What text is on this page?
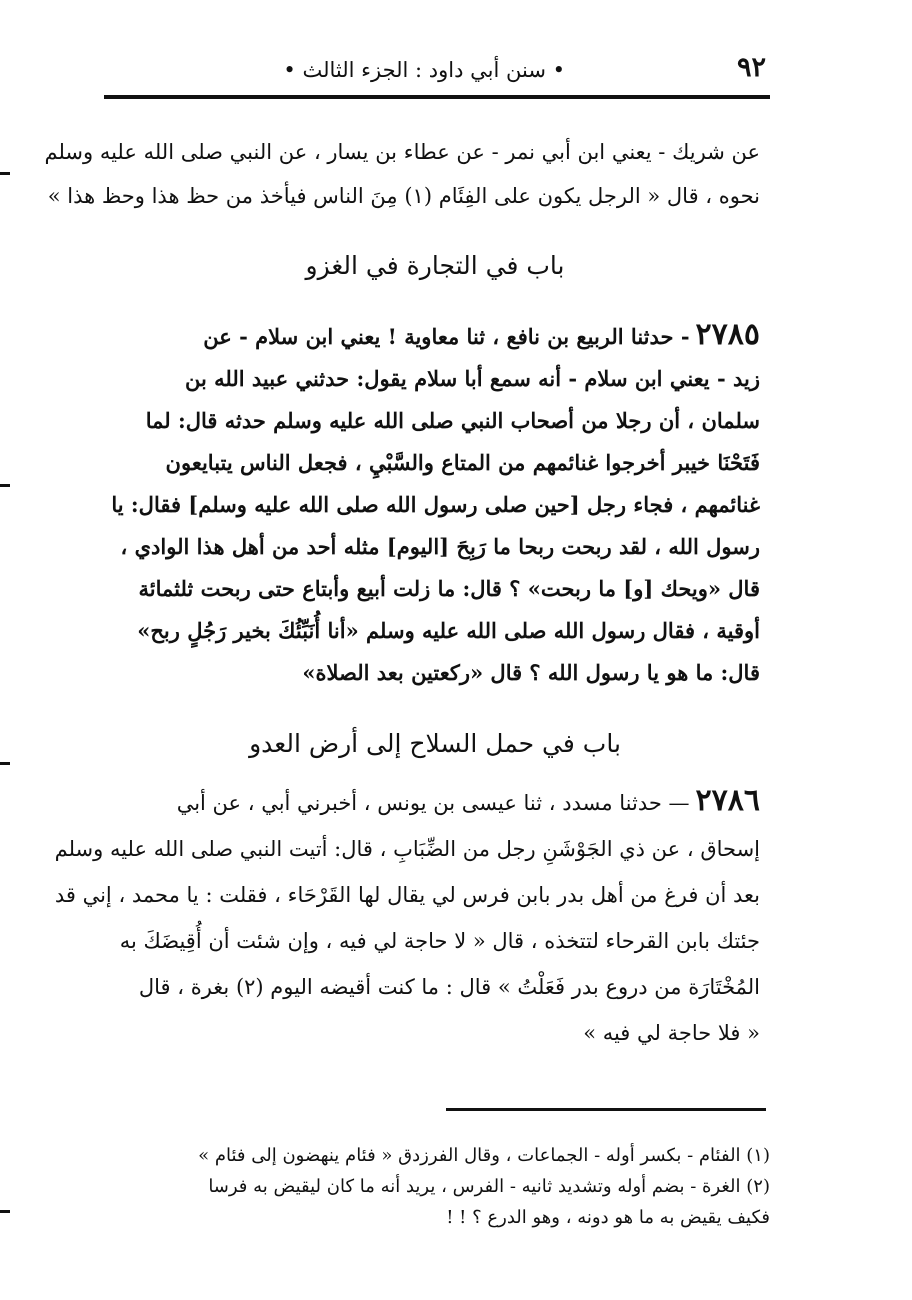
٩٢
• سنن أبي داود : الجزء الثالث •
عن شريك - يعني ابن أبي نمر - عن عطاء بن يسار ، عن النبي صلى الله عليه وسلم
نحوه ، قال « الرجل يكون على الفِئَام (١) مِنَ الناس فيأخذ من حظ هذا وحظ هذا »
باب في التجارة في الغزو
٢٧٨٥- حدثنا الربيع بن نافع ، ثنا معاوية ! يعني ابن سلام - عن
زيد - يعني ابن سلام - أنه سمع أبا سلام يقول: حدثني عبيد الله بن
سلمان ، أن رجلا من أصحاب النبي صلى الله عليه وسلم حدثه قال: لما
فَتَحْنَا خيبر أخرجوا غنائمهم من المتاع والسَّبْيِ ، فجعل الناس يتبايعون
غنائمهم ، فجاء رجل [حين صلى رسول الله صلى الله عليه وسلم] فقال: يا
رسول الله ، لقد ربحت ربحا ما رَبِحَ [اليوم] مثله أحد من أهل هذا الوادي ،
قال «ويحك [و] ما ربحت» ؟ قال: ما زلت أبيع وأبتاع حتى ربحت ثلثمائة
أوقية ، فقال رسول الله صلى الله عليه وسلم «أنا أُنَبِّئُكَ بخير رَجُلٍ ربح»
قال: ما هو يا رسول الله ؟ قال «ركعتين بعد الصلاة»
باب في حمل السلاح إلى أرض العدو
٢٧٨٦— حدثنا مسدد ، ثنا عيسى بن يونس ، أخبرني أبي ، عن أبي
إسحاق ، عن ذي الجَوْشَنِ رجل من الضِّبَابِ ، قال: أتيت النبي صلى الله عليه وسلم
بعد أن فرغ من أهل بدر بابن فرس لي يقال لها القَرْحَاء ، فقلت : يا محمد ، إني قد
جئتك بابن القرحاء لتتخذه ، قال « لا حاجة لي فيه ، وإن شئت أن أُقِيضَكَ به
المُخْتَارَة من دروع بدر فَعَلْتُ » قال : ما كنت أقيضه اليوم (٢) بغرة ، قال
« فلا حاجة لي فيه »
(١) الفئام - بكسر أوله - الجماعات ، وقال الفرزدق « فئام ينهضون إلى فئام »
(٢) الغرة - بضم أوله وتشديد ثانيه - الفرس ، يريد أنه ما كان ليقيض به فرسا
فكيف يقيض به ما هو دونه ، وهو الدرع ؟ ! !
